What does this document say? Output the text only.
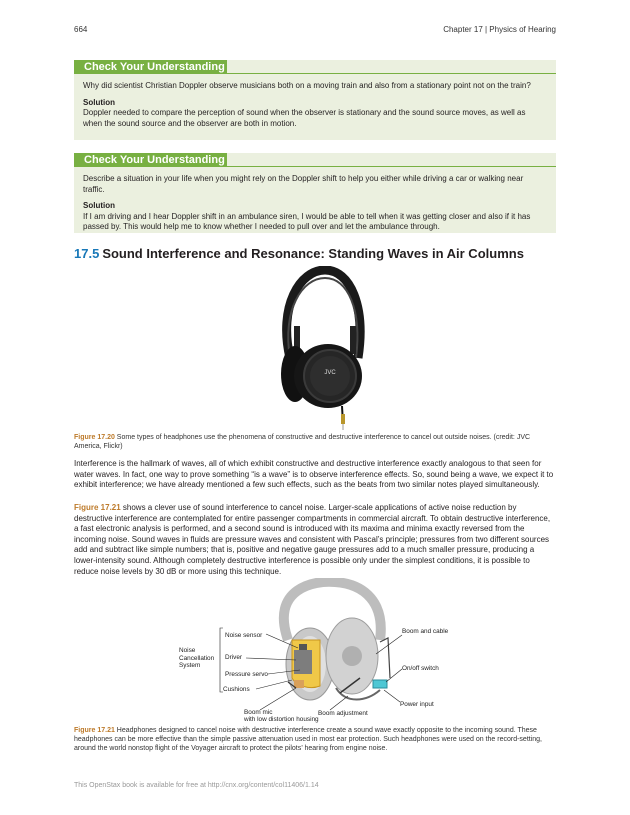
664	Chapter 17 | Physics of Hearing
Check Your Understanding

Why did scientist Christian Doppler observe musicians both on a moving train and also from a stationary point not on the train?

Solution

Doppler needed to compare the perception of sound when the observer is stationary and the sound source moves, as well as when the sound source and the observer are both in motion.

Check Your Understanding

Describe a situation in your life when you might rely on the Doppler shift to help you either while driving a car or walking near traffic.

Solution

If I am driving and I hear Doppler shift in an ambulance siren, I would be able to tell when it was getting closer and also if it has passed by. This would help me to know whether I needed to pull over and let the ambulance through.

17.5 Sound Interference and Resonance: Standing Waves in Air Columns
JVC
Figure 17.20 Some types of headphones use the phenomena of constructive and destructive interference to cancel out outside noises. (credit: JVC America, Flickr)

Interference is the hallmark of waves, all of which exhibit constructive and destructive interference exactly analogous to that seen for water waves. In fact, one way to prove something “is a wave” is to observe interference effects. So, sound being a wave, we expect it to exhibit interference; we have already mentioned a few such effects, such as the beats from two similar notes played simultaneously.

Figure 17.21 shows a clever use of sound interference to cancel noise. Larger-scale applications of active noise reduction by destructive interference are contemplated for entire passenger compartments in commercial aircraft. To obtain destructive interference, a fast electronic analysis is performed, and a second sound is introduced with its maxima and minima exactly reversed from the incoming noise. Sound waves in fluids are pressure waves and consistent with Pascal’s principle; pressures from two different sources add and subtract like simple numbers; that is, positive and negative gauge pressures add to a much smaller pressure, producing a lower-intensity sound. Although completely destructive interference is possible only under the simplest conditions, it is possible to reduce noise levels by 30 dB or more using this technique.

Noise Cancellation System
Noise sensor
Driver
Pressure servo
Cushions
Boom mic
with low distortion housing
Boom adjustment
Boom and cable
On/off switch
Power input
Figure 17.21 Headphones designed to cancel noise with destructive interference create a sound wave exactly opposite to the incoming sound. These headphones can be more effective than the simple passive attenuation used in most ear protection. Such headphones were used on the record-setting, around the world nonstop flight of the Voyager aircraft to protect the pilots’ hearing from engine noise.
This OpenStax book is available for free at http://cnx.org/content/col11406/1.14
